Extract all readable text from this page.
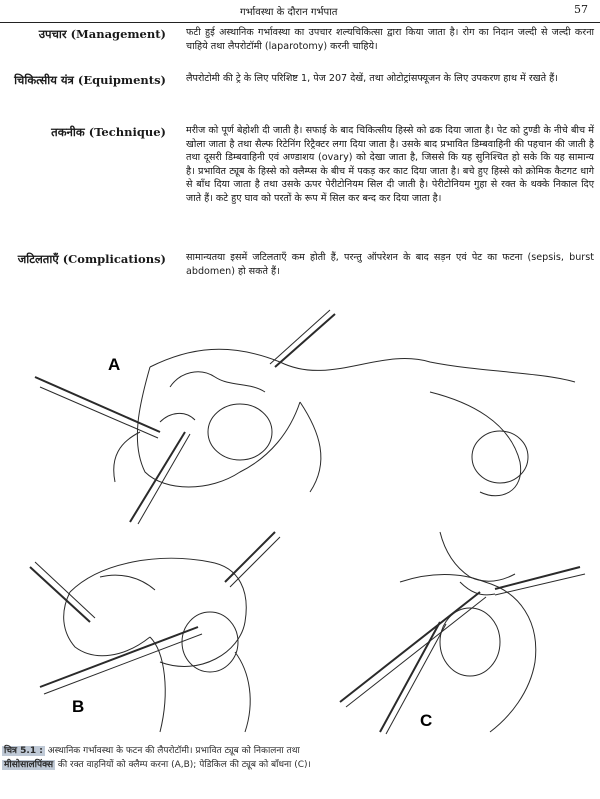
गर्भावस्था के दौरान गर्भपात	57
उपचार (Management) फटी हुई अस्थानिक गर्भावस्था का उपचार शल्यचिकित्सा द्वारा किया जाता है। रोग का निदान जल्दी से जल्दी करना चाहिये तथा लैपरोटॉमी (laparotomy) करनी चाहिये।
चिकित्सीय यंत्र (Equipments) लैपरोटोमी की ट्रे के लिए परिशिष्ट 1, पेज 207 देखें, तथा ओटोट्रांसफ्यूजन के लिए उपकरण हाथ में रखते हैं।
तकनीक (Technique) मरीज को पूर्ण बेहोशी दी जाती है। सफाई के बाद चिकित्सीय हिस्से को ढक दिया जाता है। पेट को टुण्डी के नीचे बीच में खोला जाता है तथा सैल्फ रिटेनिंग रिट्रैक्टर लगा दिया जाता है। उसके बाद प्रभावित डिम्बवाहिनी की पहचान की जाती है तथा दूसरी डिम्बवाहिनी एवं अण्डाशय (ovary) को देखा जाता है, जिससे कि यह सुनिश्चित हो सके कि यह सामान्य है। प्रभावित ट्यूब के हिस्से को क्लैम्प्स के बीच में पकड़ कर काट दिया जाता है। बचे हुए हिस्से को क्रोमिक कैटगट धागे से बाँध दिया जाता है तथा उसके ऊपर पेरीटोनियम सिल दी जाती है। पेरीटोनियम गुहा से रक्त के थक्के निकाल दिए जाते हैं। कटे हुए घाव को परतों के रूप में सिल कर बन्द कर दिया जाता है।
जटिलताएँ (Complications) सामान्यतया इसमें जटिलताएँ कम होती हैं, परन्तु ऑपरेशन के बाद सड़न एवं पेट का फटना (sepsis, burst abdomen) हो सकते हैं।
A
B
C
चित्र 5.1 : अस्थानिक गर्भावस्था के फटन की लैपरोटॉमी। प्रभावित ट्यूब को निकालना तथा
मीसोसालपिंक्स की रक्त वाहनियों को क्लैम्प करना (A,B); पेडिकिल की ट्यूब को बाँधना (C)।
